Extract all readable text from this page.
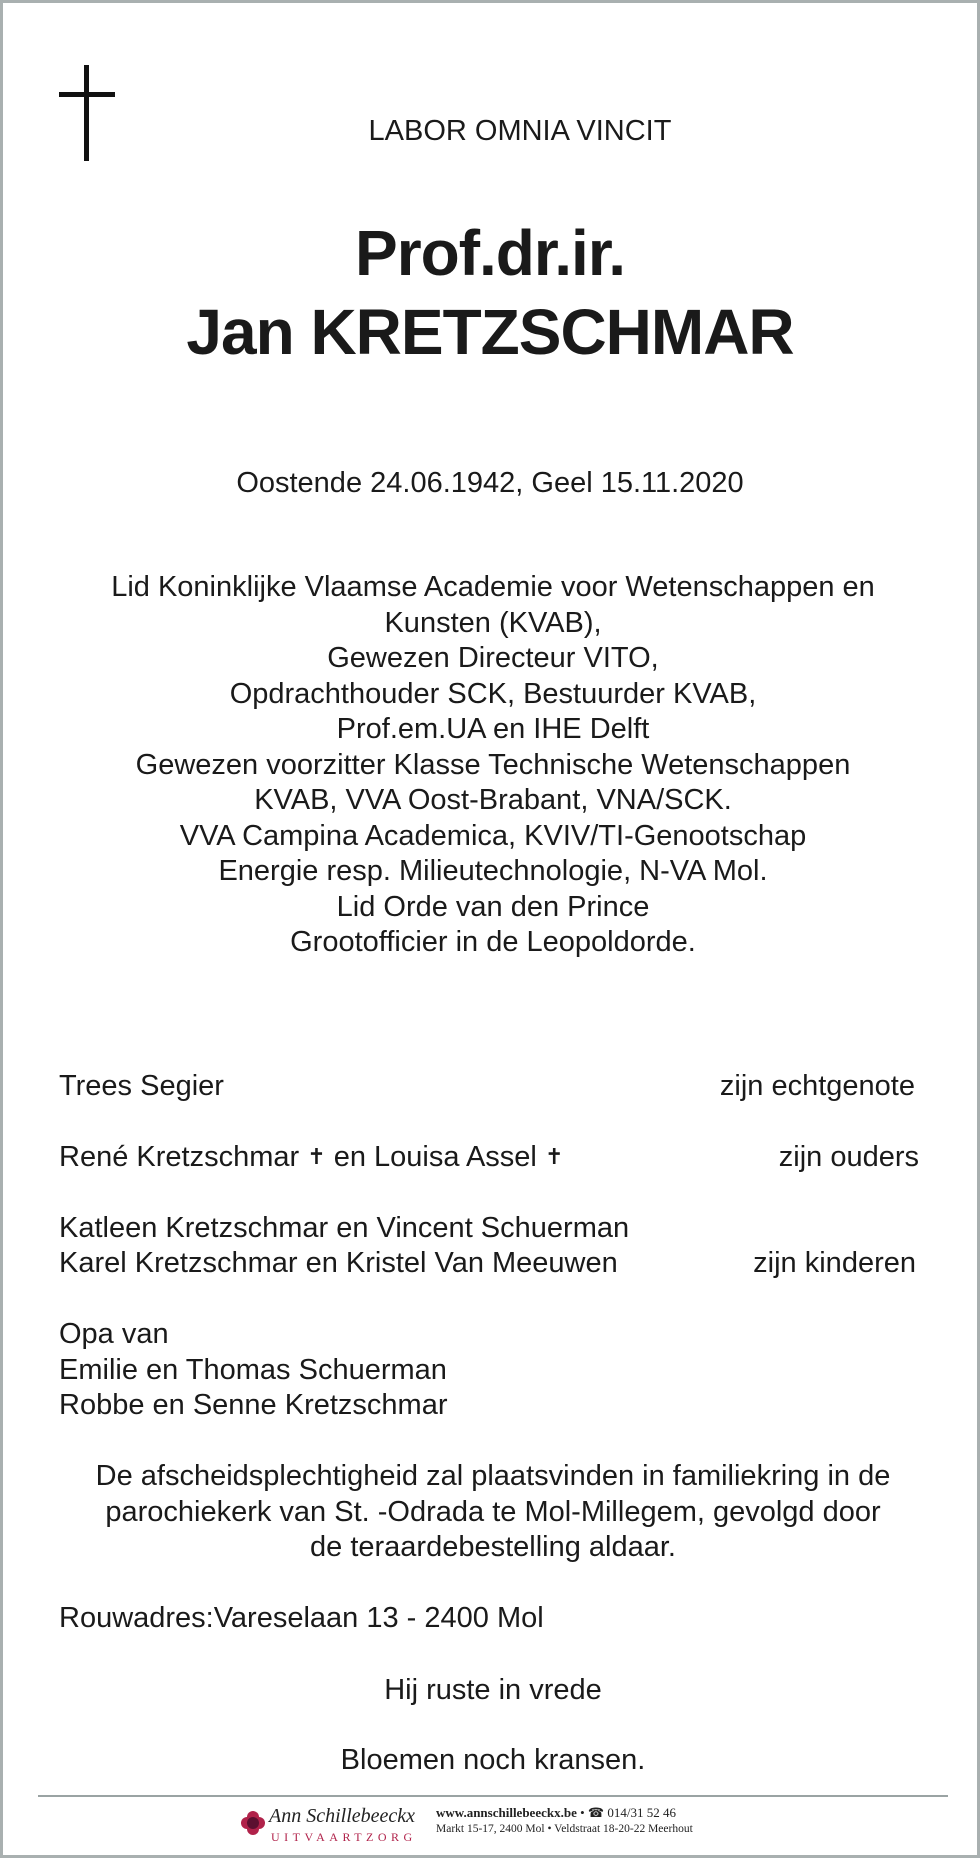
LABOR OMNIA VINCIT
Prof.dr.ir.
Jan KRETZSCHMAR
Oostende 24.06.1942, Geel 15.11.2020
Lid Koninklijke Vlaamse Academie voor Wetenschappen en
Kunsten (KVAB),
Gewezen Directeur VITO,
Opdrachthouder SCK, Bestuurder KVAB,
Prof.em.UA en IHE Delft
Gewezen voorzitter Klasse Technische Wetenschappen
KVAB, VVA Oost-Brabant, VNA/SCK.
VVA Campina Academica, KVIV/TI-Genootschap
Energie resp. Milieutechnologie, N-VA Mol.
Lid Orde van den Prince
Grootofficier in de Leopoldorde.
Trees Segier	zijn echtgenote
René Kretzschmar ✝ en Louisa Assel ✝	zijn ouders
Katleen Kretzschmar en Vincent Schuerman
Karel Kretzschmar en Kristel Van Meeuwen	zijn kinderen
Opa van
Emilie en Thomas Schuerman
Robbe en Senne Kretzschmar
De afscheidsplechtigheid zal plaatsvinden in familiekring in de
parochiekerk van St. -Odrada te Mol-Millegem, gevolgd door
de teraardebestelling aldaar.
Rouwadres:Vareselaan 13 - 2400 Mol
Hij ruste in vrede
Bloemen noch kransen.
Ann Schillebeeckx
UITVAARTZORG
www.annschillebeeckx.be • ☎ 014/31 52 46
Markt 15-17, 2400 Mol • Veldstraat 18-20-22 Meerhout
